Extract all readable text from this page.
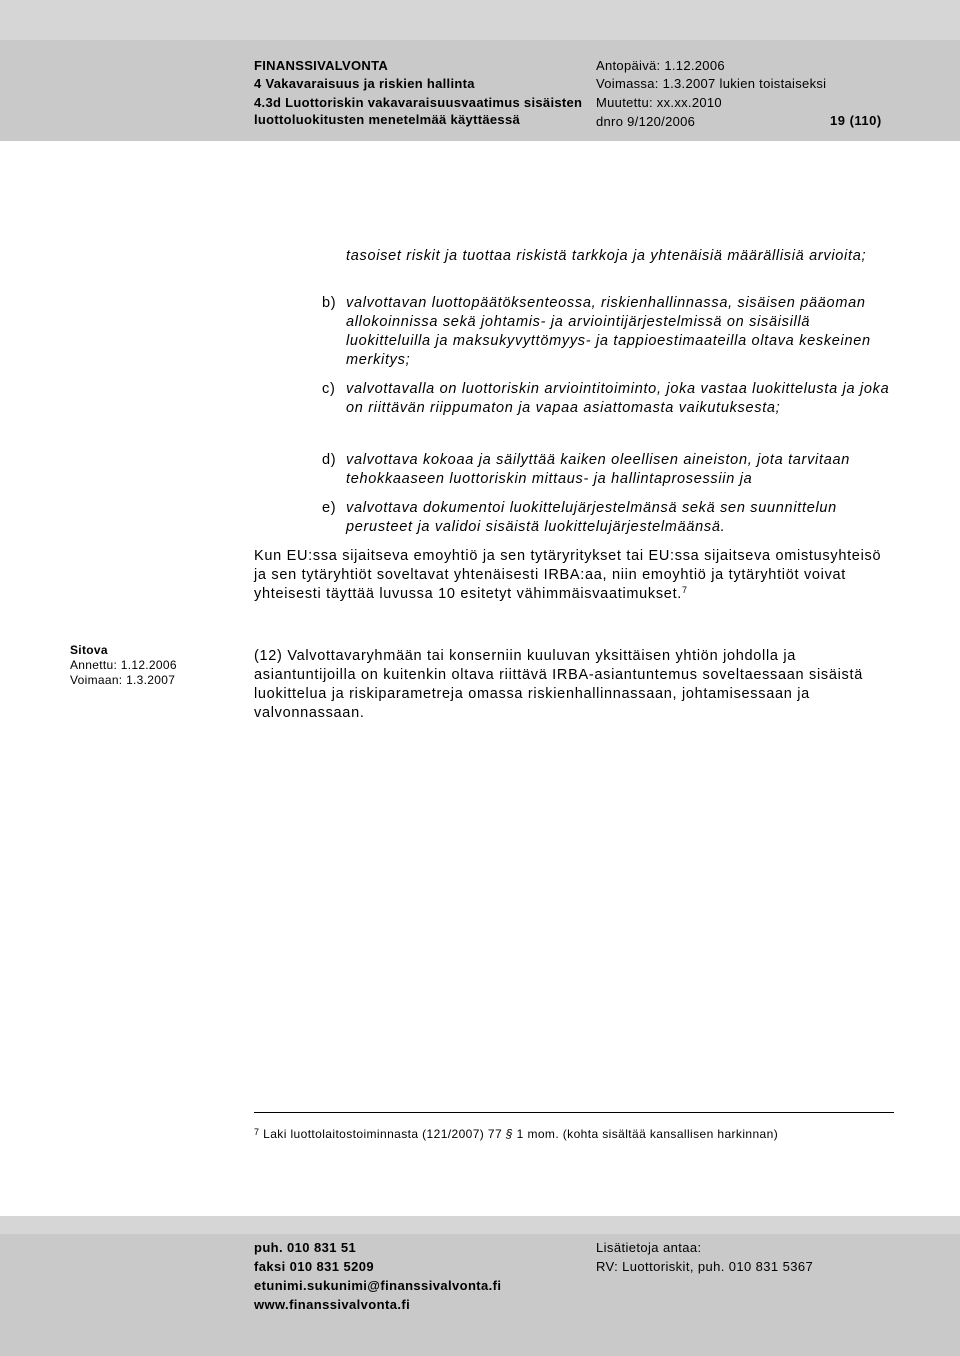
FINANSSIVALVONTA
4 Vakavaraisuus ja riskien hallinta
4.3d Luottoriskin vakavaraisuusvaatimus sisäisten luottoluokitusten menetelmää käyttäessä
Antopäivä: 1.12.2006
Voimassa: 1.3.2007 lukien toistaiseksi
Muutettu: xx.xx.2010
dnro 9/120/2006	19 (110)
tasoiset riskit ja tuottaa riskistä tarkkoja ja yhtenäisiä määrällisiä arvioita;
b) valvottavan luottopäätöksenteossa, riskienhallinnassa, sisäisen pääoman allokoinnissa sekä johtamis- ja arviointijärjestelmissä on sisäisillä luokitteluilla ja maksukyvyttömyys- ja tappioestimaateilla oltava keskeinen merkitys;
c) valvottavalla on luottoriskin arviointitoiminto, joka vastaa luokittelusta ja joka on riittävän riippumaton ja vapaa asiattomasta vaikutuksesta;
d) valvottava kokoaa ja säilyttää kaiken oleellisen aineiston, jota tarvitaan tehokkaaseen luottoriskin mittaus- ja hallintaprosessiin ja
e) valvottava dokumentoi luokittelujärjestelmänsä sekä sen suunnittelun perusteet ja validoi sisäistä luokittelujärjestelmäänsä.
Kun EU:ssa sijaitseva emoyhtiö ja sen tytäryritykset tai EU:ssa sijaitseva omistusyhteisö ja sen tytäryhtiöt soveltavat yhtenäisesti IRBA:aa, niin emoyhtiö ja tytäryhtiöt voivat yhteisesti täyttää luvussa 10 esitetyt vähimmäisvaatimukset.$^7$
Sitova
Annettu: 1.12.2006
Voimaan: 1.3.2007
(12) Valvottavaryhmään tai konserniin kuuluvan yksittäisen yhtiön johdolla ja asiantuntijoilla on kuitenkin oltava riittävä IRBA-asiantuntemus soveltaessaan sisäistä luokittelua ja riskiparametreja omassa riskienhallinnassaan, johtamisessaan ja valvonnassaan.
$^7$ Laki luottolaitostoiminnasta (121/2007) 77 § 1 mom. (kohta sisältää kansallisen harkinnan)
puh. 010 831 51
faksi 010 831 5209
etunimi.sukunimi@finanssivalvonta.fi
www.finanssivalvonta.fi
Lisätietoja antaa:
RV: Luottoriskit, puh. 010 831 5367
